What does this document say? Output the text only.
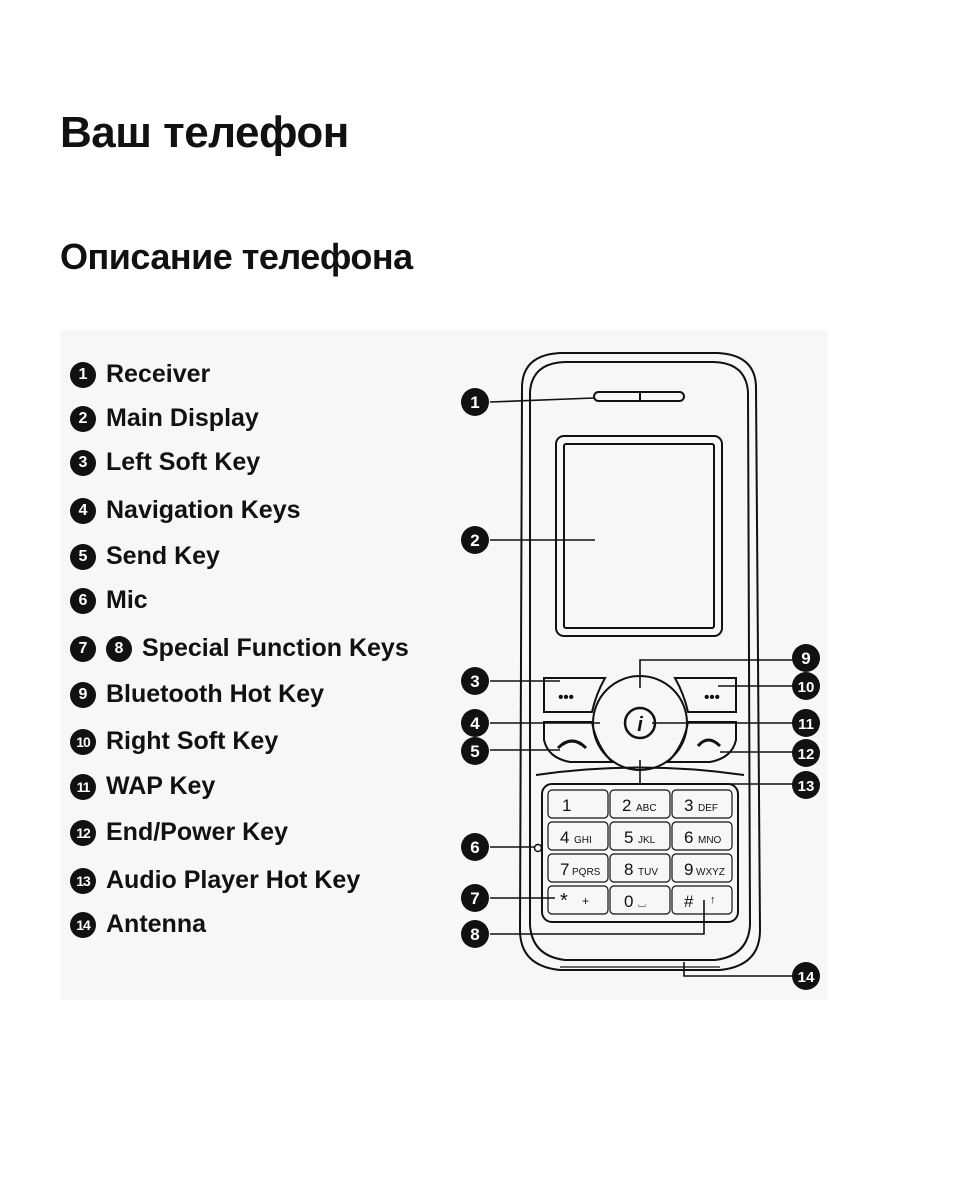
Ваш телефон
Описание телефона
1 Receiver
2 Main Display
3 Left Soft Key
4 Navigation Keys
5 Send Key
6 Mic
7	8 Special Function Keys
9 Bluetooth Hot Key
10 Right Soft Key
11 WAP Key
12 End/Power Key
13 Audio Player Hot Key
14 Antenna
i
•••	•••
1	2 ABC 3 DEF
4 GHI 5 JKL 6 MNO
7 PQRS 8 TUV 9 WXYZ
* + 0 ⌴ # ↑
1
2
3
4
5
6
7
8
9
10
11
12
13
14
